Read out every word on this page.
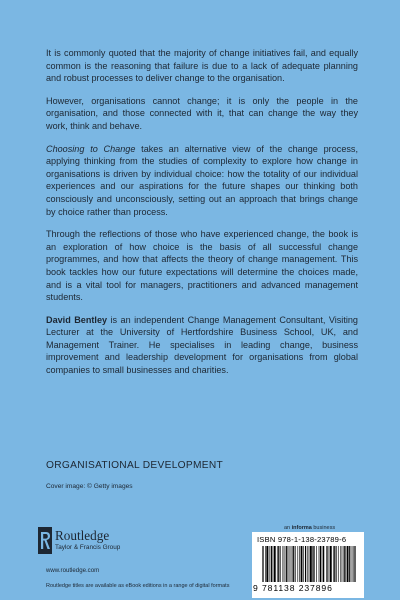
It is commonly quoted that the majority of change initiatives fail, and equally common is the reasoning that failure is due to a lack of adequate planning and robust processes to deliver change to the organisation.

However, organisations cannot change; it is only the people in the organisation, and those connected with it, that can change the way they work, think and behave.

Choosing to Change takes an alternative view of the change process, applying thinking from the studies of complexity to explore how change in organisations is driven by individual choice: how the totality of our individual experiences and our aspirations for the future shapes our thinking both consciously and unconsciously, setting out an approach that brings change by choice rather than process.

Through the reflections of those who have experienced change, the book is an exploration of how choice is the basis of all successful change programmes, and how that affects the theory of change management. This book tackles how our future expectations will determine the choices made, and is a vital tool for managers, practitioners and advanced management students.

David Bentley is an independent Change Management Consultant, Visiting Lecturer at the University of Hertfordshire Business School, UK, and Management Trainer. He specialises in leading change, business improvement and leadership development for organisations from global companies to small businesses and charities.

ORGANISATIONAL DEVELOPMENT
Cover image: © Getty images
Routledge
Taylor & Francis Group
www.routledge.com
Routledge titles are available as eBook editions in a range of digital formats
an informa business
ISBN 978-1-138-23789-6
9 781138 237896
